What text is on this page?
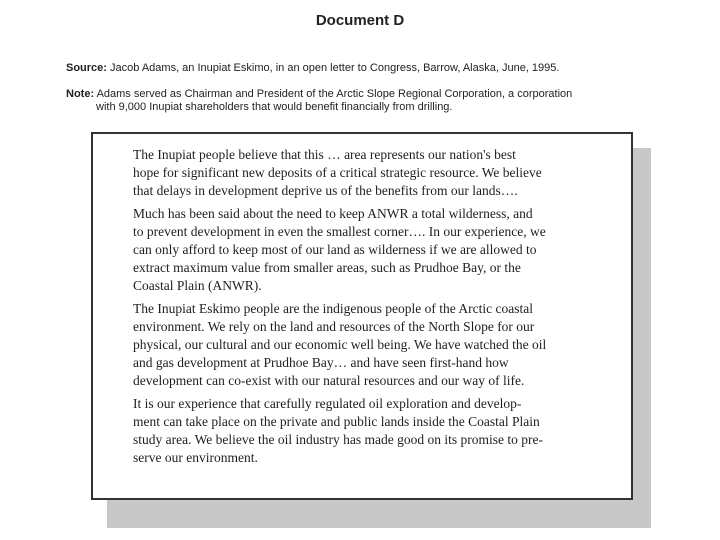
Document D
Source: Jacob Adams, an Inupiat Eskimo, in an open letter to Congress, Barrow, Alaska, June, 1995.
Note: Adams served as Chairman and President of the Arctic Slope Regional Corporation, a corporation
with 9,000 Inupiat shareholders that would benefit financially from drilling.

The Inupiat people believe that this … area represents our nation's best
hope for significant new deposits of a critical strategic resource. We believe
that delays in development deprive us of the benefits from our lands….

Much has been said about the need to keep ANWR a total wilderness, and
to prevent development in even the smallest corner…. In our experience, we
can only afford to keep most of our land as wilderness if we are allowed to
extract maximum value from smaller areas, such as Prudhoe Bay, or the
Coastal Plain (ANWR).

The Inupiat Eskimo people are the indigenous people of the Arctic coastal
environment. We rely on the land and resources of the North Slope for our
physical, our cultural and our economic well being. We have watched the oil
and gas development at Prudhoe Bay… and have seen first-hand how
development can co-exist with our natural resources and our way of life.

It is our experience that carefully regulated oil exploration and develop-
ment can take place on the private and public lands inside the Coastal Plain
study area. We believe the oil industry has made good on its promise to pre-
serve our environment.
